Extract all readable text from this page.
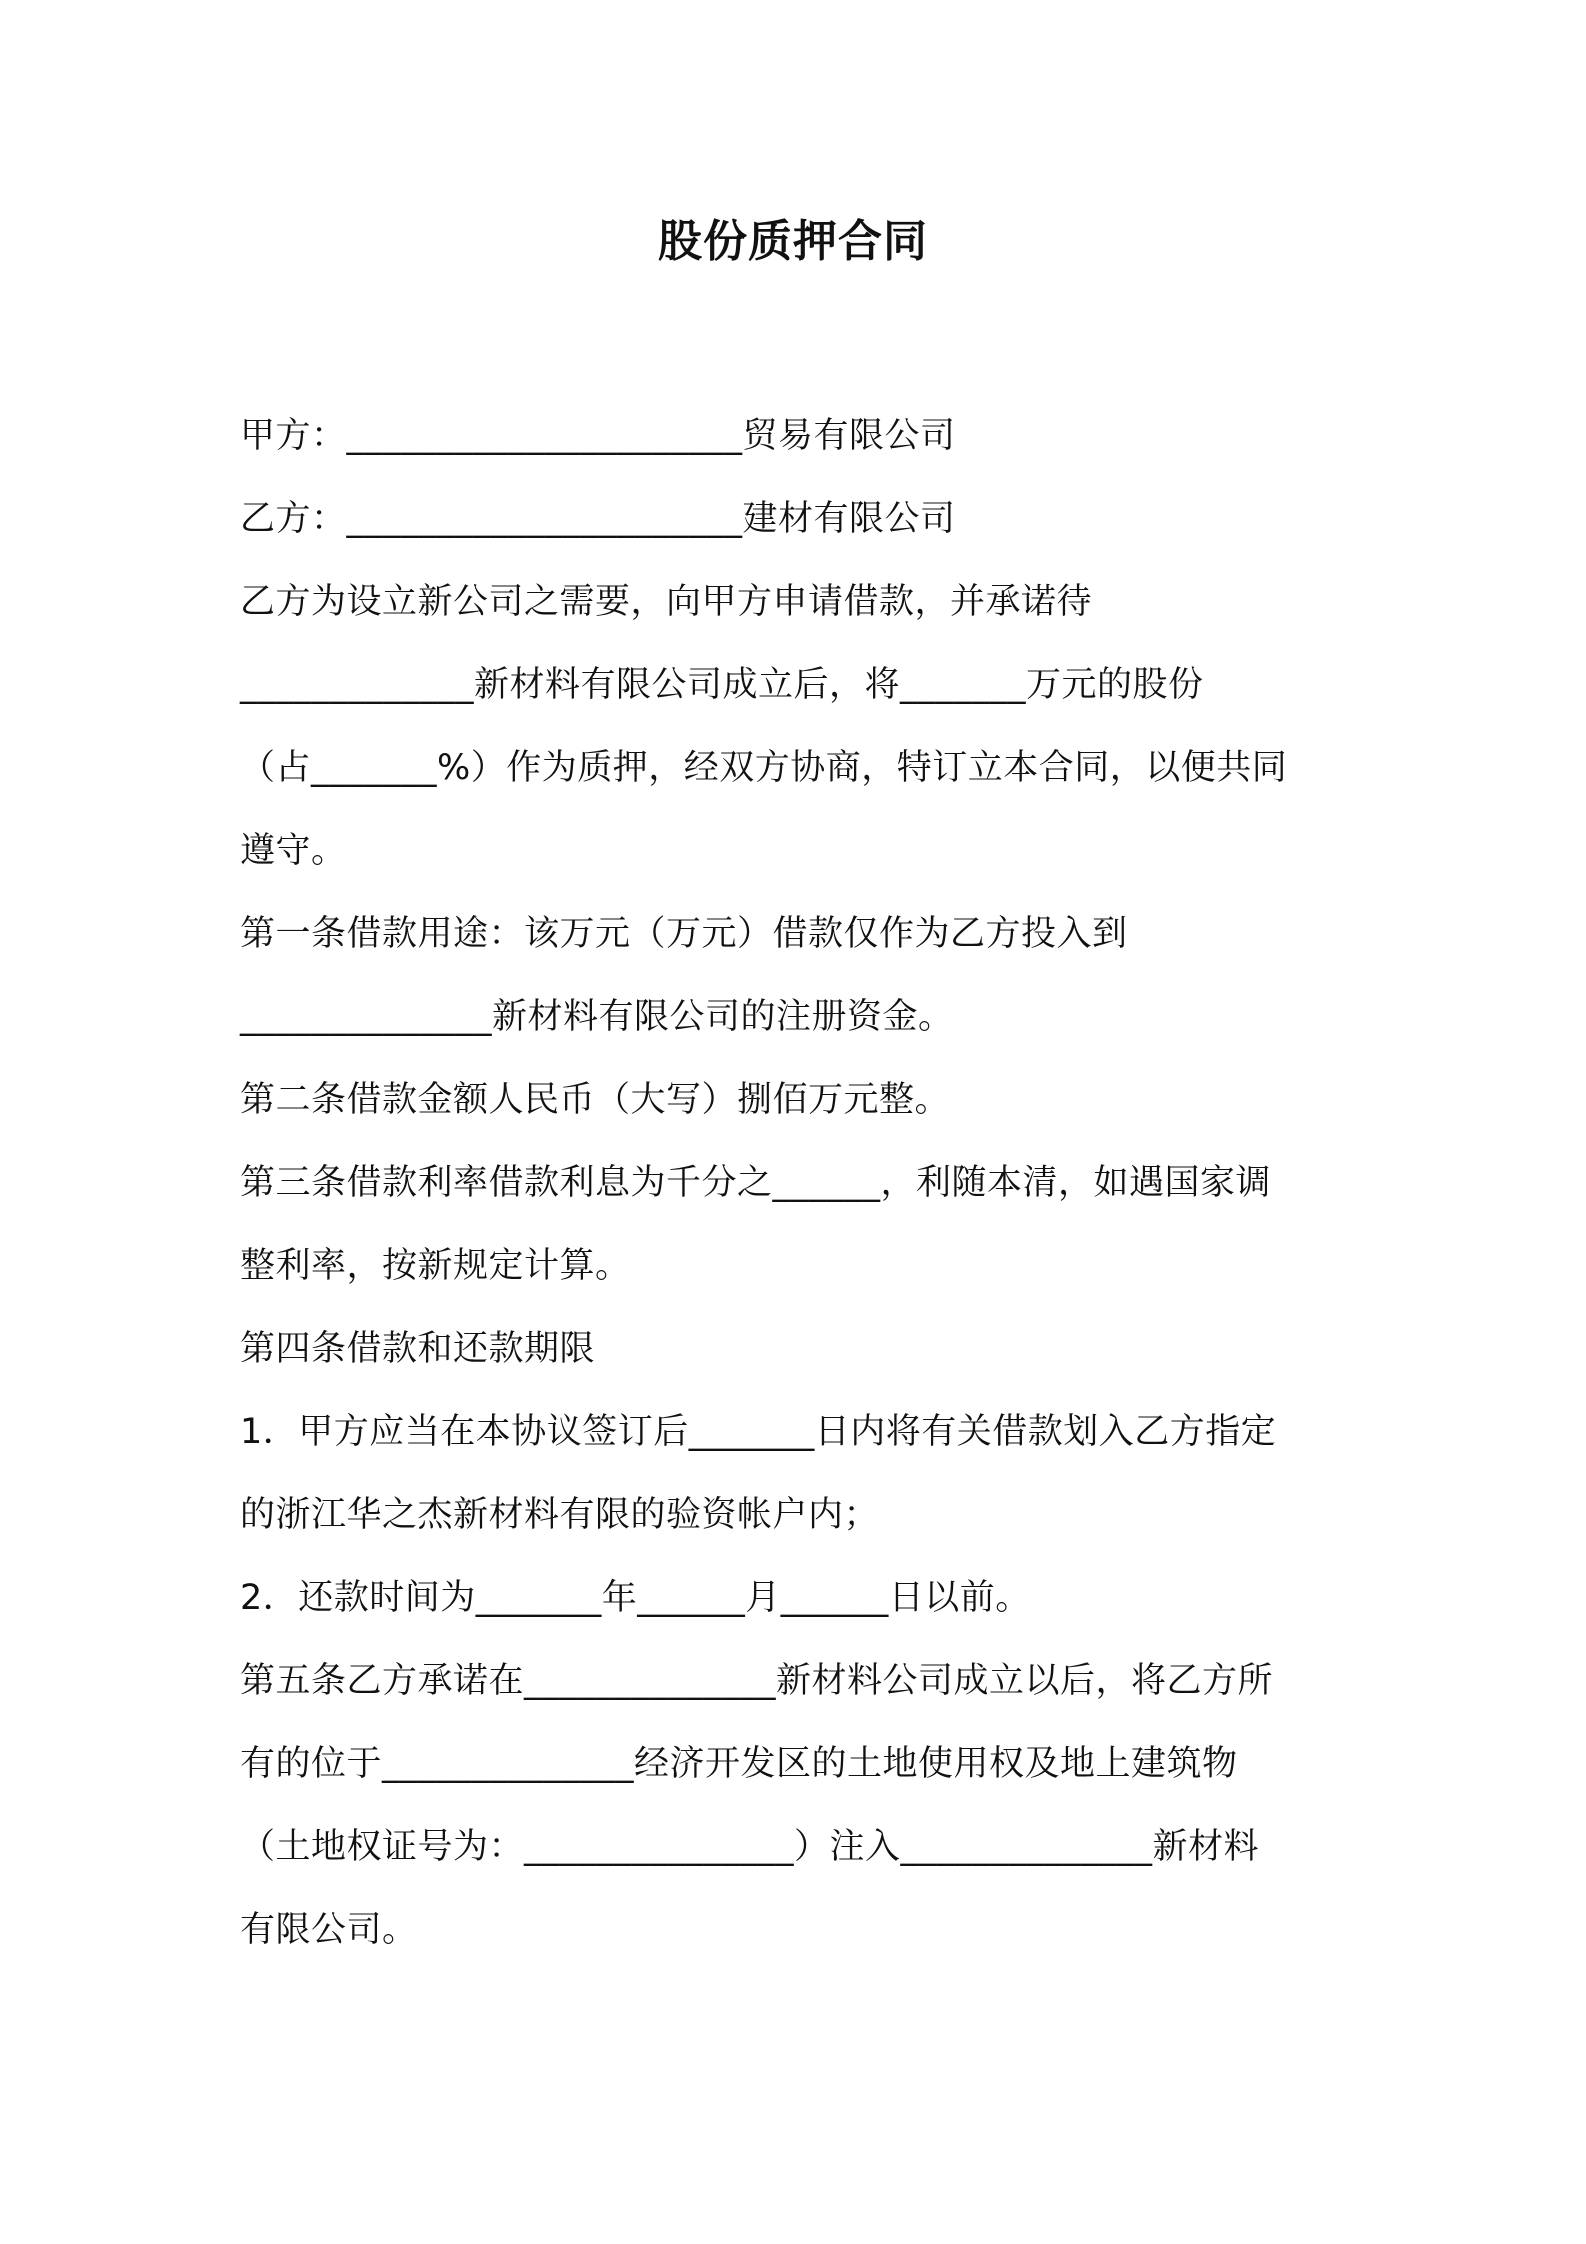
股份质押合同
甲方：______________________贸易有限公司
乙方：______________________建材有限公司
乙方为设立新公司之需要，向甲方申请借款，并承诺待
_____________新材料有限公司成立后，将_______万元的股份
（占_______%）作为质押，经双方协商，特订立本合同，以便共同
遵守。
第一条借款用途：该万元（万元）借款仅作为乙方投入到
______________新材料有限公司的注册资金。
第二条借款金额人民币（大写）捌佰万元整。
第三条借款利率借款利息为千分之______，利随本清，如遇国家调
整利率，按新规定计算。
第四条借款和还款期限
1．甲方应当在本协议签订后_______日内将有关借款划入乙方指定
的浙江华之杰新材料有限的验资帐户内；
2．还款时间为_______年______月______日以前。
第五条乙方承诺在______________新材料公司成立以后，将乙方所
有的位于______________经济开发区的土地使用权及地上建筑物
（土地权证号为：_______________）注入______________新材料
有限公司。
